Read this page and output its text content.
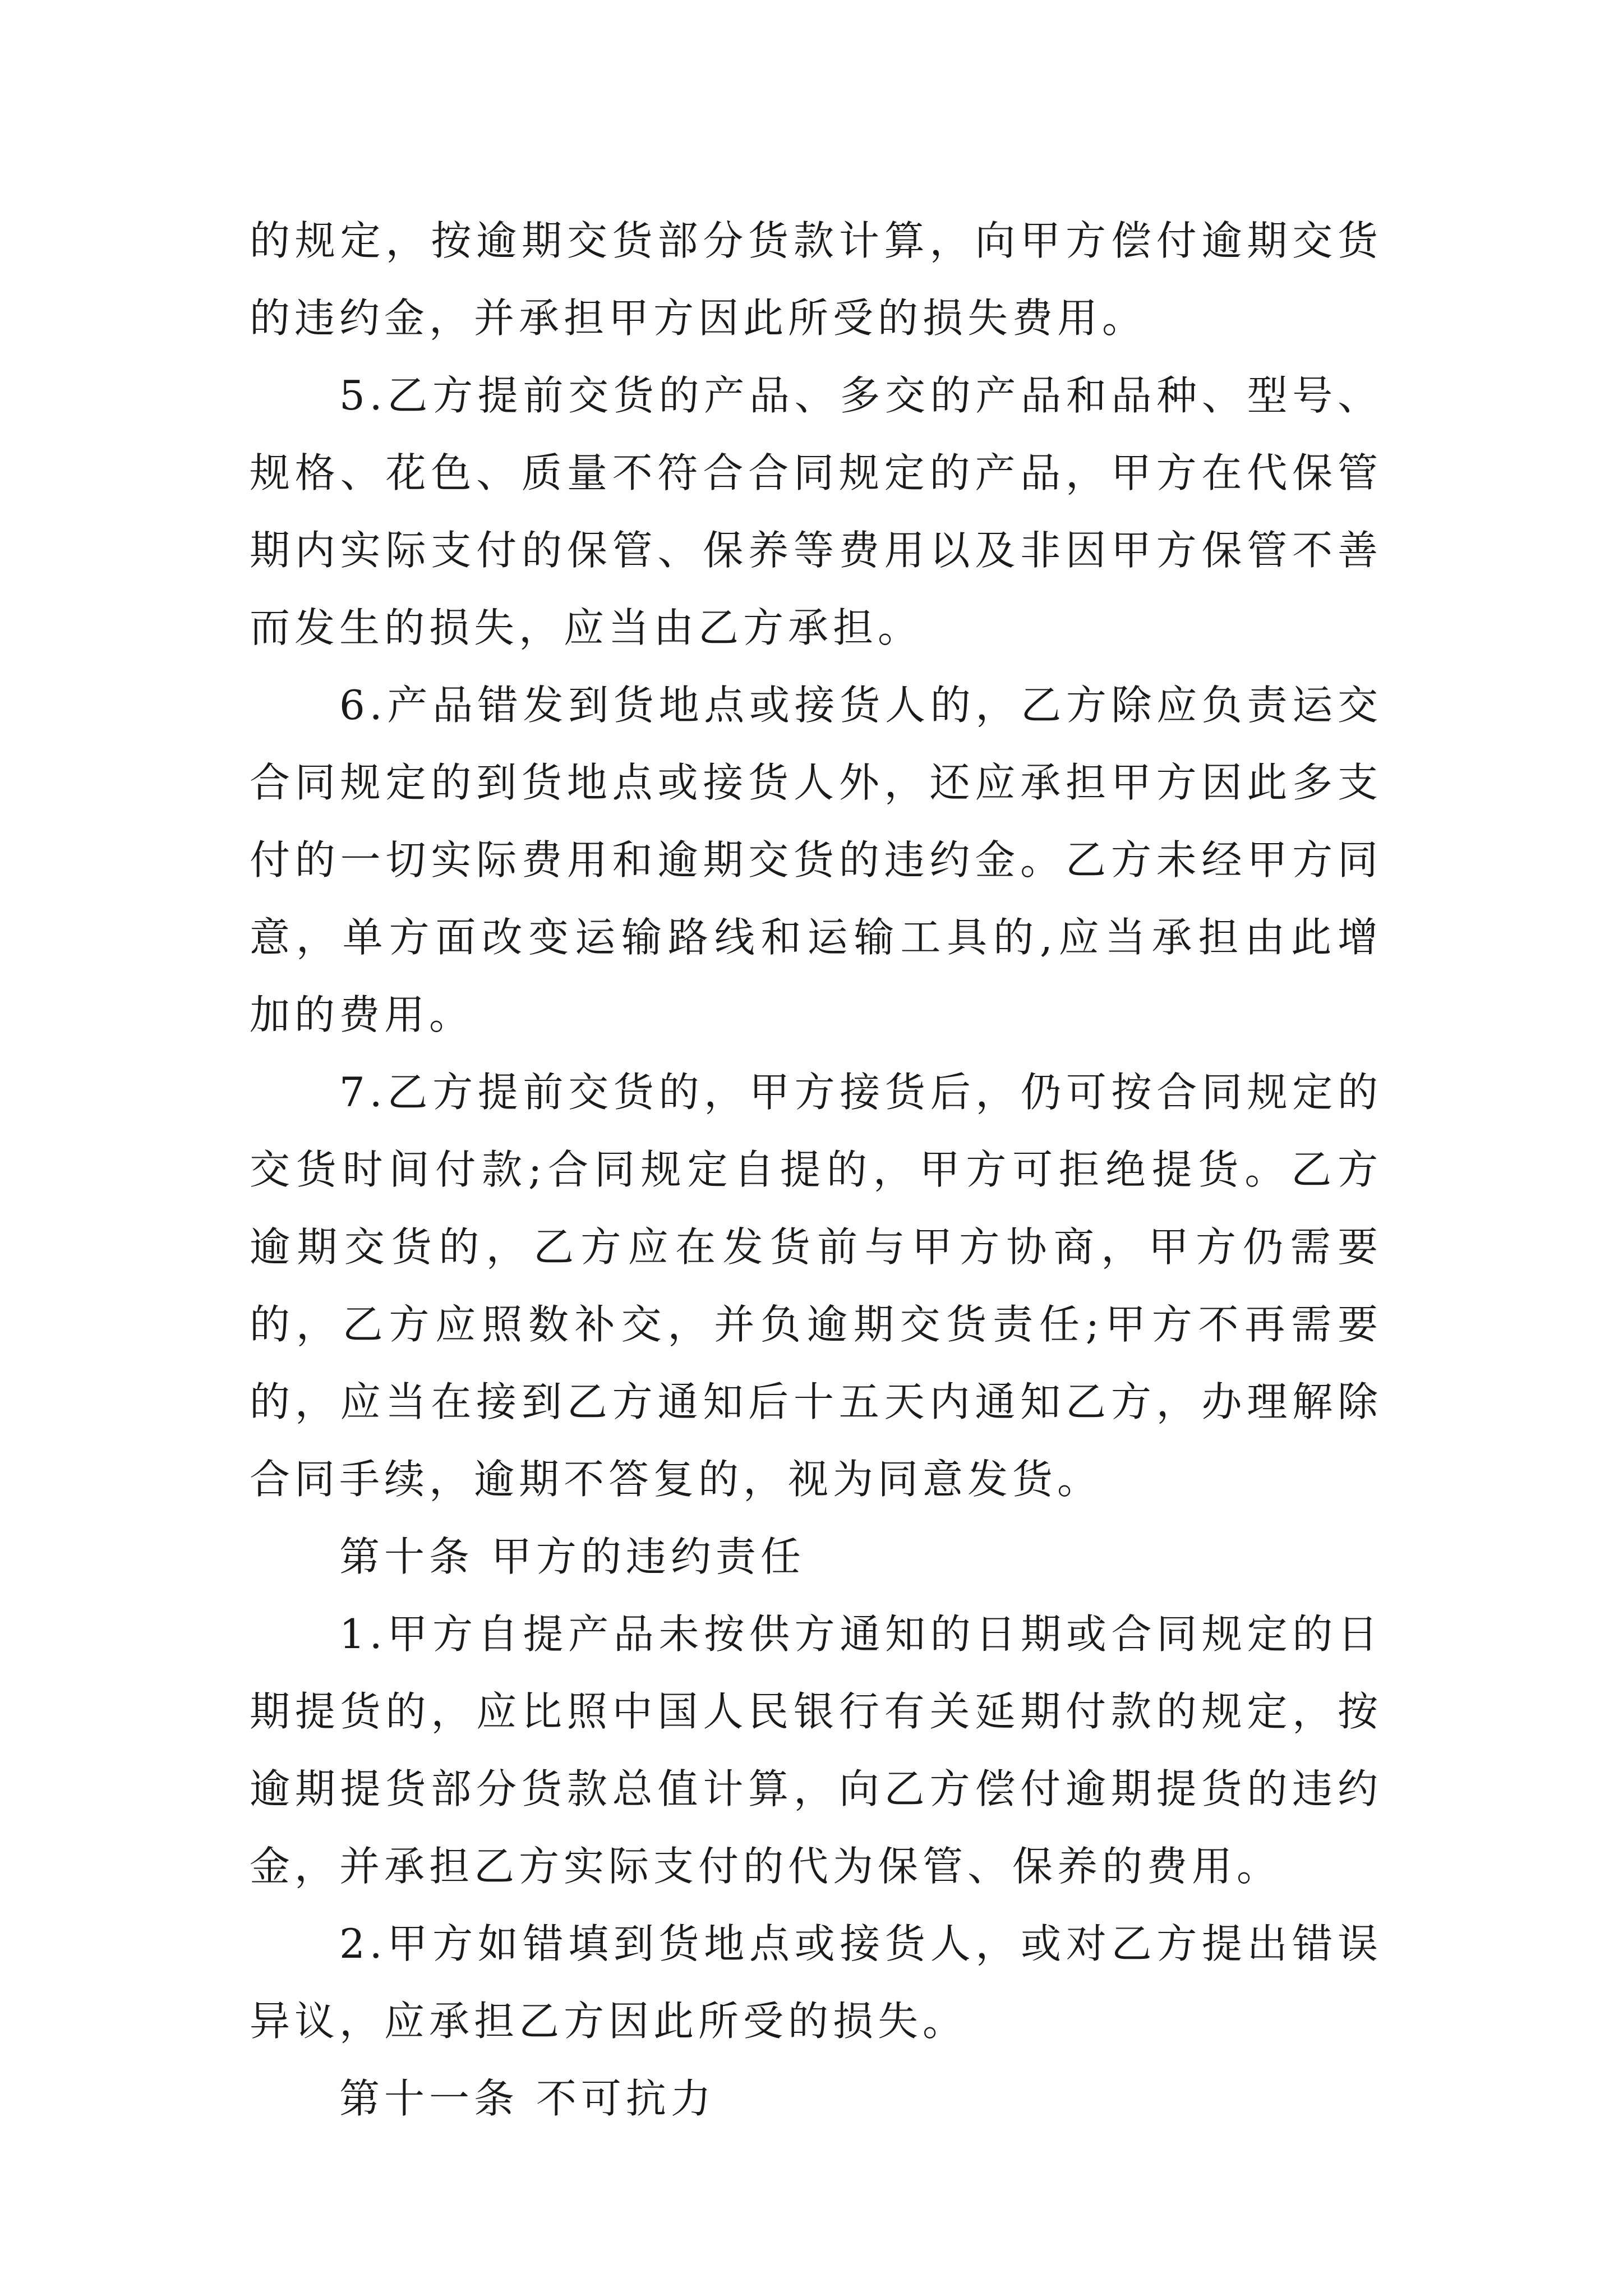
的规定，按逾期交货部分货款计算，向甲方偿付逾期交货的违约金，并承担甲方因此所受的损失费用。

5.乙方提前交货的产品、多交的产品和品种、型号、规格、花色、质量不符合合同规定的产品，甲方在代保管期内实际支付的保管、保养等费用以及非因甲方保管不善而发生的损失，应当由乙方承担。

6.产品错发到货地点或接货人的，乙方除应负责运交合同规定的到货地点或接货人外，还应承担甲方因此多支付的一切实际费用和逾期交货的违约金。乙方未经甲方同意，单方面改变运输路线和运输工具的,应当承担由此增加的费用。

7.乙方提前交货的，甲方接货后，仍可按合同规定的交货时间付款;合同规定自提的，甲方可拒绝提货。乙方逾期交货的，乙方应在发货前与甲方协商，甲方仍需要的，乙方应照数补交，并负逾期交货责任;甲方不再需要的，应当在接到乙方通知后十五天内通知乙方，办理解除合同手续，逾期不答复的，视为同意发货。

第十条 甲方的违约责任

1.甲方自提产品未按供方通知的日期或合同规定的日期提货的，应比照中国人民银行有关延期付款的规定，按逾期提货部分货款总值计算，向乙方偿付逾期提货的违约金，并承担乙方实际支付的代为保管、保养的费用。

2.甲方如错填到货地点或接货人，或对乙方提出错误异议，应承担乙方因此所受的损失。

第十一条 不可抗力
